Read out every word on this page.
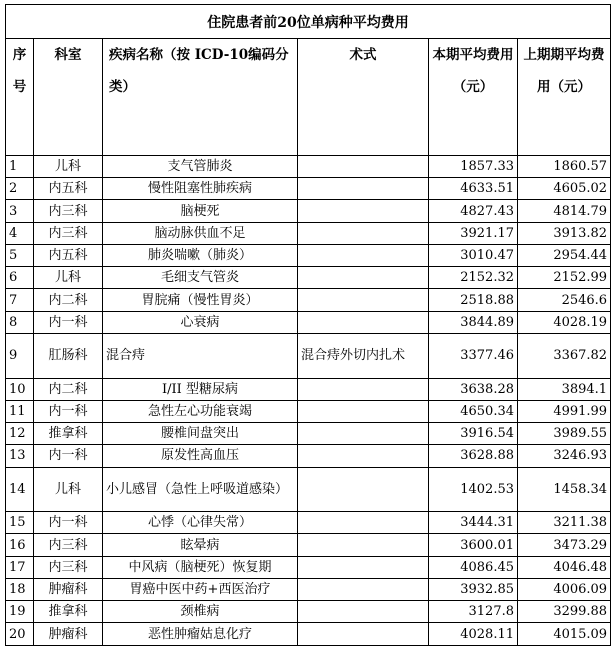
住院患者前20位单病种平均费用					
序号	科室	疾病名称（按 ICD-10编码分类）	术式	本期平均费用（元）	上期期平均费用（元）
1	儿科	支气管肺炎		1857.33	1860.57
2	内五科	慢性阻塞性肺疾病		4633.51	4605.02
3	内三科	脑梗死		4827.43	4814.79
4	内三科	脑动脉供血不足		3921.17	3913.82
5	内五科	肺炎喘嗽（肺炎）		3010.47	2954.44
6	儿科	毛细支气管炎		2152.32	2152.99
7	内二科	胃脘痛（慢性胃炎）		2518.88	2546.6
8	内一科	心衰病		3844.89	4028.19
9	肛肠科	混合痔	混合痔外切内扎术	3377.46	3367.82
10	内二科	I/II 型糖尿病		3638.28	3894.1
11	内一科	急性左心功能衰竭		4650.34	4991.99
12	推拿科	腰椎间盘突出		3916.54	3989.55
13	内一科	原发性高血压		3628.88	3246.93
14	儿科	小儿感冒（急性上呼吸道感染）		1402.53	1458.34
15	内一科	心悸（心律失常）		3444.31	3211.38
16	内三科	眩晕病		3600.01	3473.29
17	内三科	中风病（脑梗死）恢复期		4086.45	4046.48
18	肿瘤科	胃癌中医中药+西医治疗		3932.85	4006.09
19	推拿科	颈椎病		3127.8	3299.88
20	肿瘤科	恶性肿瘤姑息化疗		4028.11	4015.09
